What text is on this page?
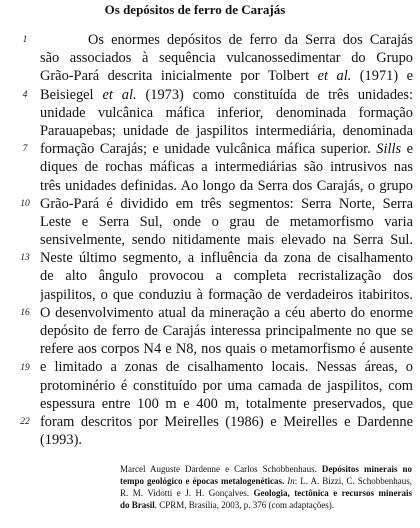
Os depósitos de ferro de Carajás
1
4
7
10
13
16
19
22
Os enormes depósitos de ferro da Serra dos Carajás
são associados à sequência vulcanossedimentar do Grupo
Grão-Pará descrita inicialmente por Tolbert et al. (1971) e
Beisiegel et al. (1973) como constituída de três unidades:
unidade vulcânica máfica inferior, denominada formação
Parauapebas; unidade de jaspilitos intermediária, denominada
formação Carajás; e unidade vulcânica máfica superior. Sills e
diques de rochas máficas a intermediárias são intrusivos nas
três unidades definidas. Ao longo da Serra dos Carajás, o grupo
Grão-Pará é dividido em três segmentos: Serra Norte, Serra
Leste e Serra Sul, onde o grau de metamorfismo varia
sensivelmente, sendo nitidamente mais elevado na Serra Sul.
Neste último segmento, a influência da zona de cisalhamento
de alto ângulo provocou a completa recristalização dos
jaspilitos, o que conduziu à formação de verdadeiros itabiritos.
O desenvolvimento atual da mineração a céu aberto do enorme
depósito de ferro de Carajás interessa principalmente no que se
refere aos corpos N4 e N8, nos quais o metamorfismo é ausente
e limitado a zonas de cisalhamento locais. Nessas áreas, o
protominério é constituído por uma camada de jaspilitos, com
espessura entre 100 m e 400 m, totalmente preservados, que
foram descritos por Meirelles (1986) e Meirelles e Dardenne
(1993).
Marcel Auguste Dardenne e Carlos Schobbenhaus. Depósitos minerais no
tempo geológico e épocas metalogenéticas. In: L. A. Bizzi, C. Schobbenhaus,
R. M. Vidotti e J. H. Gonçalves. Geologia, tectônica e recursos minerais
do Brasil. CPRM, Brasília, 2003, p. 376 (com adaptações).
